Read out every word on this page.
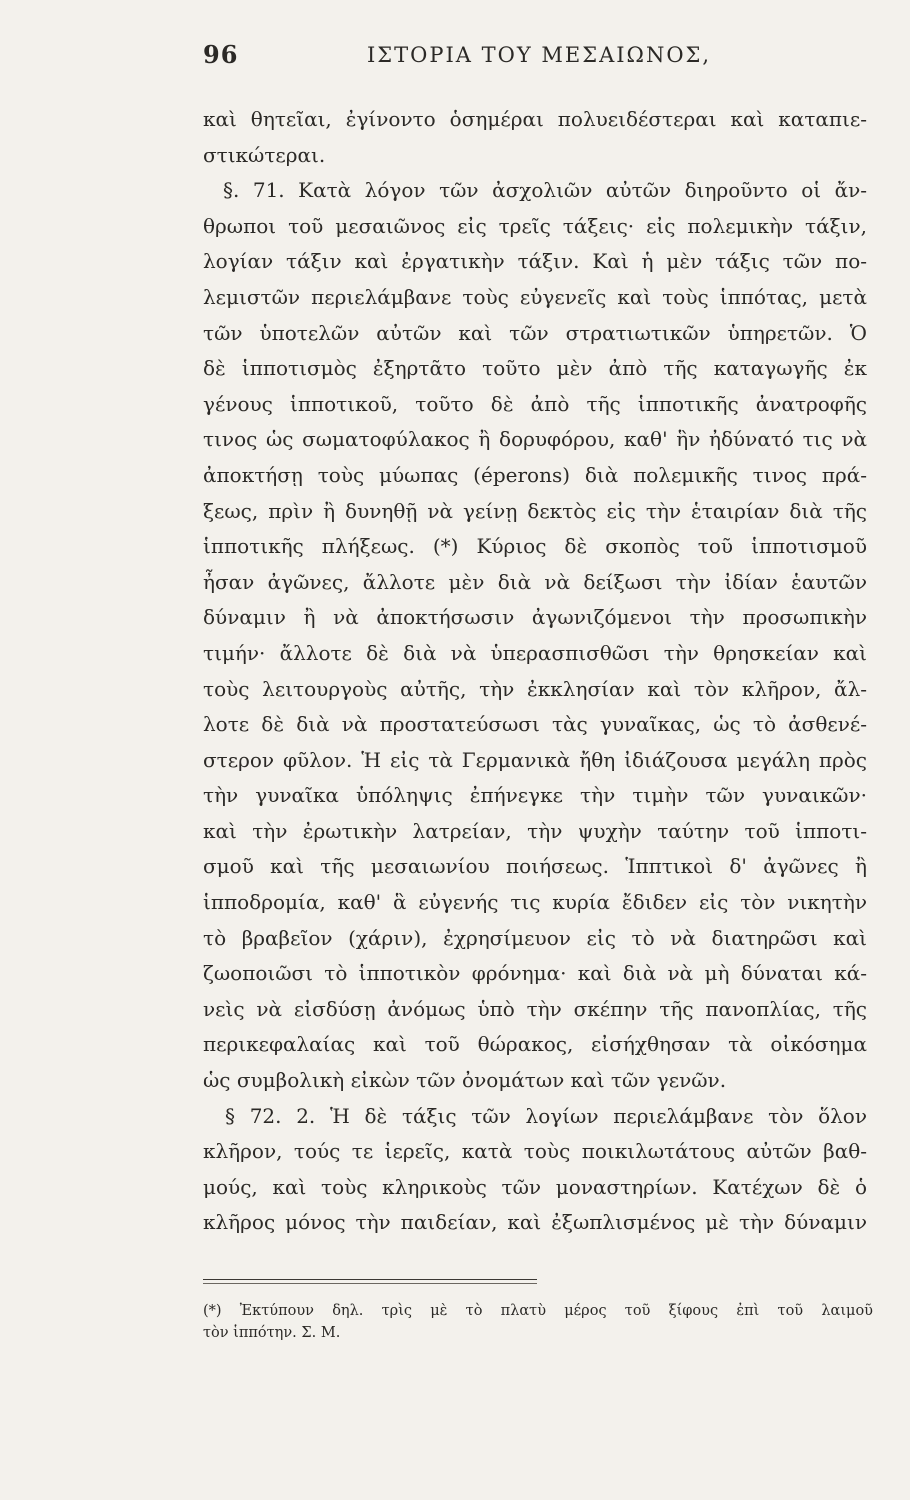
96	ΙΣΤΟΡΙΑ ΤΟΥ ΜΕΣΑΙΩΝΟΣ,
καὶ θητεῖαι, ἐγίνοντο ὁσημέραι πολυειδέστεραι καὶ καταπιε-
στικώτεραι.
§. 71. Κατὰ λόγον τῶν ἀσχολιῶν αὐτῶν διηροῦντο οἱ ἄν-
θρωποι τοῦ μεσαιῶνος εἰς τρεῖς τάξεις· εἰς πολεμικὴν τάξιν,
λογίαν τάξιν καὶ ἐργατικὴν τάξιν. Καὶ ἡ μὲν τάξις τῶν πο-
λεμιστῶν περιελάμβανε τοὺς εὐγενεῖς καὶ τοὺς ἱππότας, μετὰ
τῶν ὑποτελῶν αὐτῶν καὶ τῶν στρατιωτικῶν ὑπηρετῶν. Ὁ
δὲ ἱπποτισμὸς ἐξηρτᾶτο τοῦτο μὲν ἀπὸ τῆς καταγωγῆς ἐκ
γένους ἱπποτικοῦ, τοῦτο δὲ ἀπὸ τῆς ἱπποτικῆς ἀνατροφῆς
τινος ὡς σωματοφύλακος ἢ δορυφόρου, καθ' ἣν ἠδύνατό τις νὰ
ἀποκτήσῃ τοὺς μύωπας (éperons) διὰ πολεμικῆς τινος πρά-
ξεως, πρὶν ἢ δυνηθῇ νὰ γείνῃ δεκτὸς εἰς τὴν ἑταιρίαν διὰ τῆς
ἱπποτικῆς πλήξεως. (*) Κύριος δὲ σκοπὸς τοῦ ἱπποτισμοῦ
ἦσαν ἀγῶνες, ἄλλοτε μὲν διὰ νὰ δείξωσι τὴν ἰδίαν ἑαυτῶν
δύναμιν ἢ νὰ ἀποκτήσωσιν ἀγωνιζόμενοι τὴν προσωπικὴν
τιμήν· ἄλλοτε δὲ διὰ νὰ ὑπερασπισθῶσι τὴν θρησκείαν καὶ
τοὺς λειτουργοὺς αὐτῆς, τὴν ἐκκλησίαν καὶ τὸν κλῆρον, ἄλ-
λοτε δὲ διὰ νὰ προστατεύσωσι τὰς γυναῖκας, ὡς τὸ ἀσθενέ-
στερον φῦλον. Ἡ εἰς τὰ Γερμανικὰ ἤθη ἰδιάζουσα μεγάλη πρὸς
τὴν γυναῖκα ὑπόληψις ἐπήνεγκε τὴν τιμὴν τῶν γυναικῶν·
καὶ τὴν ἐρωτικὴν λατρείαν, τὴν ψυχὴν ταύτην τοῦ ἱπποτι-
σμοῦ καὶ τῆς μεσαιωνίου ποιήσεως. Ἱππτικοὶ δ' ἀγῶνες ἢ
ἱπποδρομία, καθ' ἃ εὐγενής τις κυρία ἔδιδεν εἰς τὸν νικητὴν
τὸ βραβεῖον (χάριν), ἐχρησίμευον εἰς τὸ νὰ διατηρῶσι καὶ
ζωοποιῶσι τὸ ἱπποτικὸν φρόνημα· καὶ διὰ νὰ μὴ δύναται κά-
νεὶς νὰ εἰσδύσῃ ἀνόμως ὑπὸ τὴν σκέπην τῆς πανοπλίας, τῆς
περικεφαλαίας καὶ τοῦ θώρακος, εἰσήχθησαν τὰ οἰκόσημα
ὡς συμβολικὴ εἰκὼν τῶν ὀνομάτων καὶ τῶν γενῶν.
§ 72. 2. Ἡ δὲ τάξις τῶν λογίων περιελάμβανε τὸν ὅλον
κλῆρον, τούς τε ἱερεῖς, κατὰ τοὺς ποικιλωτάτους αὐτῶν βαθ-
μούς, καὶ τοὺς κληρικοὺς τῶν μοναστηρίων. Κατέχων δὲ ὁ
κλῆρος μόνος τὴν παιδείαν, καὶ ἐξωπλισμένος μὲ τὴν δύναμιν
(*) Ἐκτύπουν δηλ. τρὶς μὲ τὸ πλατὺ μέρος τοῦ ξίφους ἐπὶ τοῦ λαιμοῦ
τὸν ἱππότην. Σ. Μ.
